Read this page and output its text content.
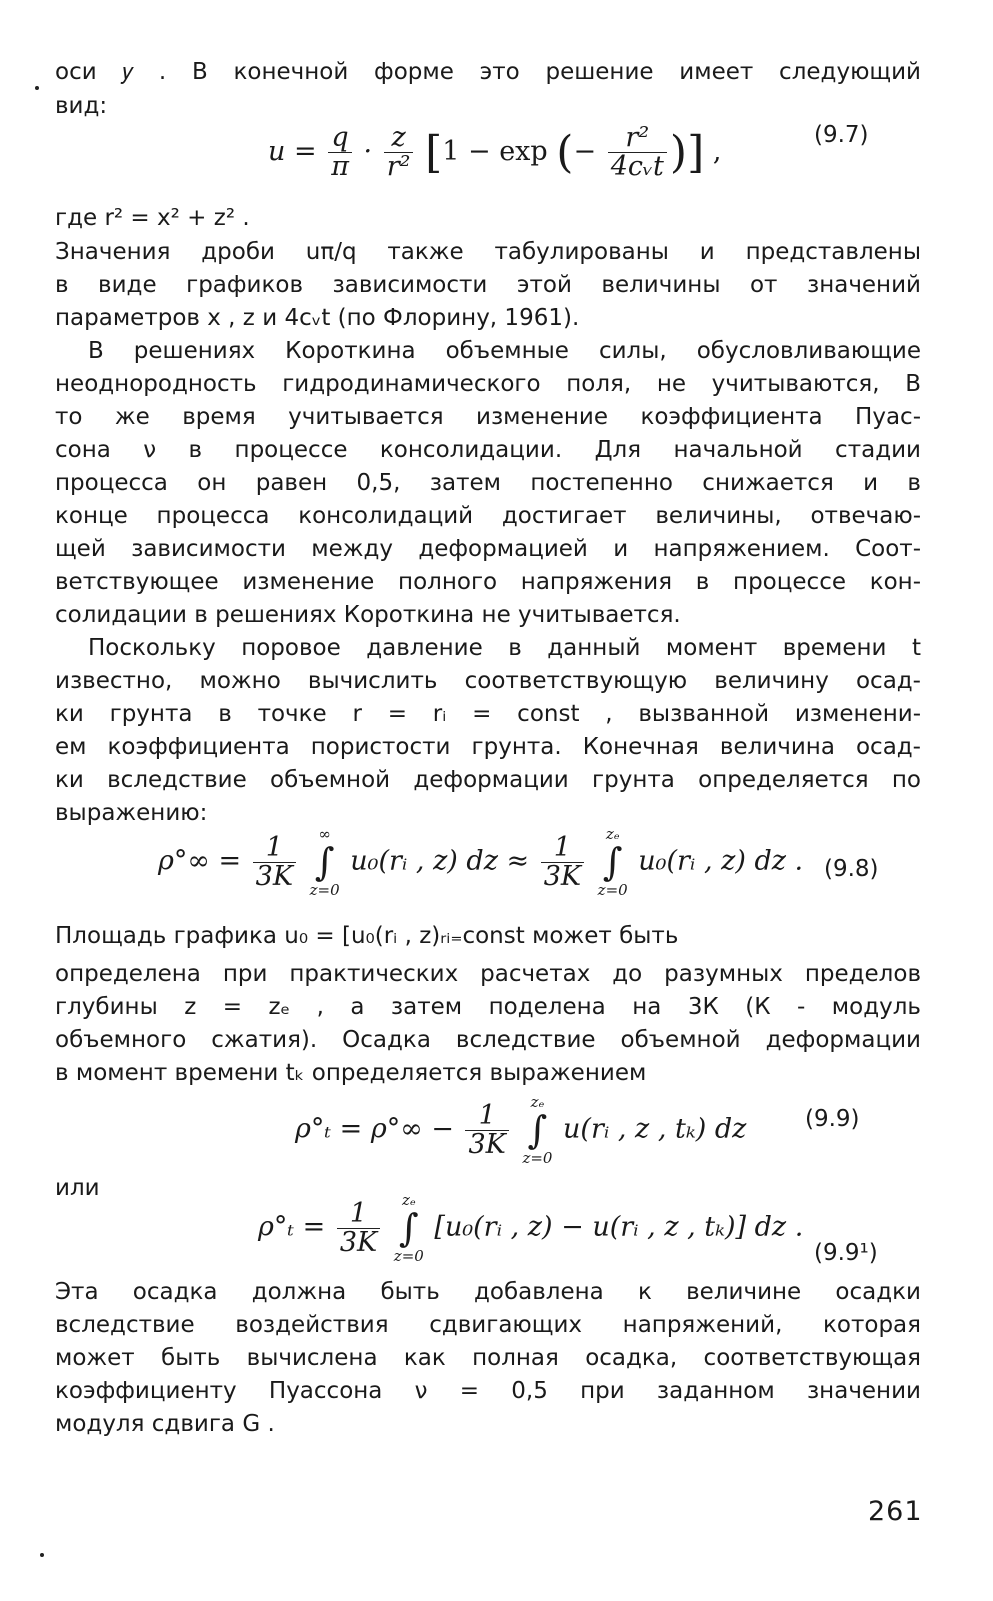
оси 𝑦 . В конечной форме это решение имеет следующий
вид:
$u = \frac{q}{\pi} \cdot \frac{z}{\text{r²}} [1 - \exp$ (− $\frac{\text{r²}}{\text{4cᵥt}}$ )] ,
(9.7)
где r² = x² + z² .
Значения дроби uπ/q также табулированы и представлены
в виде графиков зависимости этой величины от значений
параметров x , z и 4cᵥt (по Флорину, 1961).
В решениях Короткина объемные силы, обусловливающие
неоднородность гидродинамического поля, не учитываются, В
то же время учитывается изменение коэффициента Пуас-
сона ν в процессе консолидации. Для начальной стадии
процесса он равен 0,5, затем постепенно снижается и в
конце процесса консолидаций достигает величины, отвечаю-
щей зависимости между деформацией и напряжением. Соот-
ветствующее изменение полного напряжения в процессе кон-
солидации в решениях Короткина не учитывается.
Поскольку поровое давление в данный момент времени t
известно, можно вычислить соответствующую величину осад-
ки грунта в точке r = rᵢ = const , вызванной изменени-
ем коэффициента пористости грунта. Конечная величина осад-
ки вследствие объемной деформации грунта определяется по
выражению:
$\rho^\circ\infty = \frac{1}{3K}$
	∞
∫
z=0
u₀(rᵢ , z) dz ≈ $\frac{1}{3K}$
	zₑ
∫
z=0
u₀(rᵢ , z) dz . (9.8)
Площадь графика u₀ = [u₀(rᵢ , z)ᵣᵢ₌const может быть
определена при практических расчетах до разумных пределов
глубины z = zₑ , а затем поделена на 3К (К - модуль
объемного сжатия). Осадка вследствие объемной деформации
в момент времени tₖ определяется выражением
$\rho^\circ_t = \rho^\circ\infty - \frac{1}{3K}$
	zₑ
∫
z=0
u(rᵢ , z , tₖ) dz	(9.9)
или
$\rho^\circ_t = \frac{1}{3K}$
	zₑ
∫
z=0
[u₀(rᵢ , z) − u(rᵢ , z , tₖ)] dz .
(9.9¹)
Эта осадка должна быть добавлена к величине осадки
вследствие воздействия сдвигающих напряжений, которая
может быть вычислена как полная осадка, соответствующая
коэффициенту Пуассона ν = 0,5 при заданном значении
модуля сдвига G .
261
